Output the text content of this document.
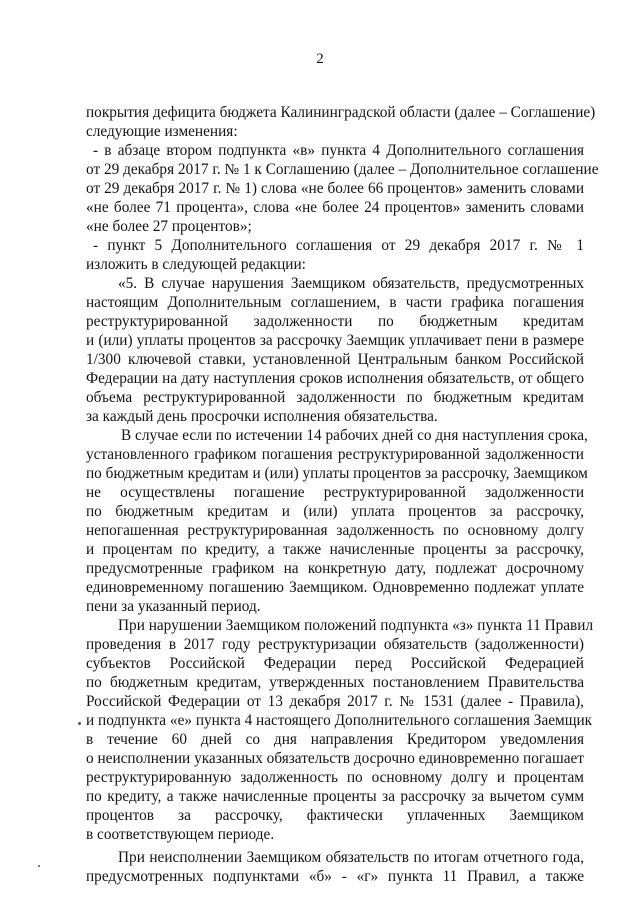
2

покрытия дефицита бюджета Калининградской области (далее – Соглашение)

следующие изменения:

- в абзаце втором подпункта «в» пункта 4 Дополнительного соглашения

от 29 декабря 2017 г. № 1 к Соглашению (далее – Дополнительное соглашение

от 29 декабря 2017 г. № 1) слова «не более 66 процентов» заменить словами

«не более 71 процента», слова «не более 24 процентов» заменить словами

«не более 27 процентов»;

- пункт 5 Дополнительного соглашения от 29 декабря 2017 г. № 1

изложить в следующей редакции:

«5. В случае нарушения Заемщиком обязательств, предусмотренных

настоящим Дополнительным соглашением, в части графика погашения

реструктурированной задолженности по бюджетным кредитам

и (или) уплаты процентов за рассрочку Заемщик уплачивает пени в размере

1/300 ключевой ставки, установленной Центральным банком Российской

Федерации на дату наступления сроков исполнения обязательств, от общего

объема реструктурированной задолженности по бюджетным кредитам

за каждый день просрочки исполнения обязательства.

В случае если по истечении 14 рабочих дней со дня наступления срока,

установленного графиком погашения реструктурированной задолженности

по бюджетным кредитам и (или) уплаты процентов за рассрочку, Заемщиком

не осуществлены погашение реструктурированной задолженности

по бюджетным кредитам и (или) уплата процентов за рассрочку,

непогашенная реструктурированная задолженность по основному долгу

и процентам по кредиту, а также начисленные проценты за рассрочку,

предусмотренные графиком на конкретную дату, подлежат досрочному

единовременному погашению Заемщиком. Одновременно подлежат уплате

пени за указанный период.

При нарушении Заемщиком положений подпункта «з» пункта 11 Правил

проведения в 2017 году реструктуризации обязательств (задолженности)

субъектов Российской Федерации перед Российской Федерацией

по бюджетным кредитам, утвержденных постановлением Правительства

Российской Федерации от 13 декабря 2017 г. № 1531 (далее - Правила),

и подпункта «е» пункта 4 настоящего Дополнительного соглашения Заемщик

в течение 60 дней со дня направления Кредитором уведомления

о неисполнении указанных обязательств досрочно единовременно погашает

реструктурированную задолженность по основному долгу и процентам

по кредиту, а также начисленные проценты за рассрочку за вычетом сумм

процентов за рассрочку, фактически уплаченных Заемщиком

в соответствующем периоде.

При неисполнении Заемщиком обязательств по итогам отчетного года,

предусмотренных подпунктами «б» - «г» пункта 11 Правил, а также
